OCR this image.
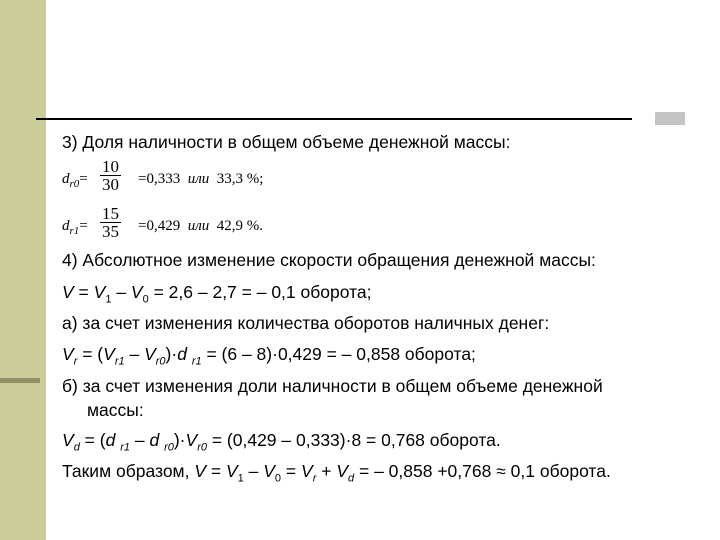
3) Доля наличности в общем объеме денежной массы:
$d_{r0}= \frac{10}{30} =0,333$ или 33,3 %;
$d_{r1}= \frac{15}{35} =0,429$ или 42,9 %.
4) Абсолютное изменение скорости обращения денежной массы:
$V = V_1 - V_0 = 2,6 - 2,7$ = – 0,1 оборота;
а) за счет изменения количества оборотов наличных денег:
$V_r = (V_{r1} - V_{r0})\cdot d$ $_{r1}$ = (6 – 8)·0,429 = – 0,858 оборота;
б) за счет изменения доли наличности в общем объеме денежной
массы:
$V_d = (d$ $_{r1}$ – d $_{r0})\cdot V_{r0} = (0,429 - 0,333)\cdot 8 = 0,768$ оборота.
Таким образом, $V = V_1 - V_0 = V_r + V_d$ = – 0,858 +0,768 ≈ 0,1 оборота.
